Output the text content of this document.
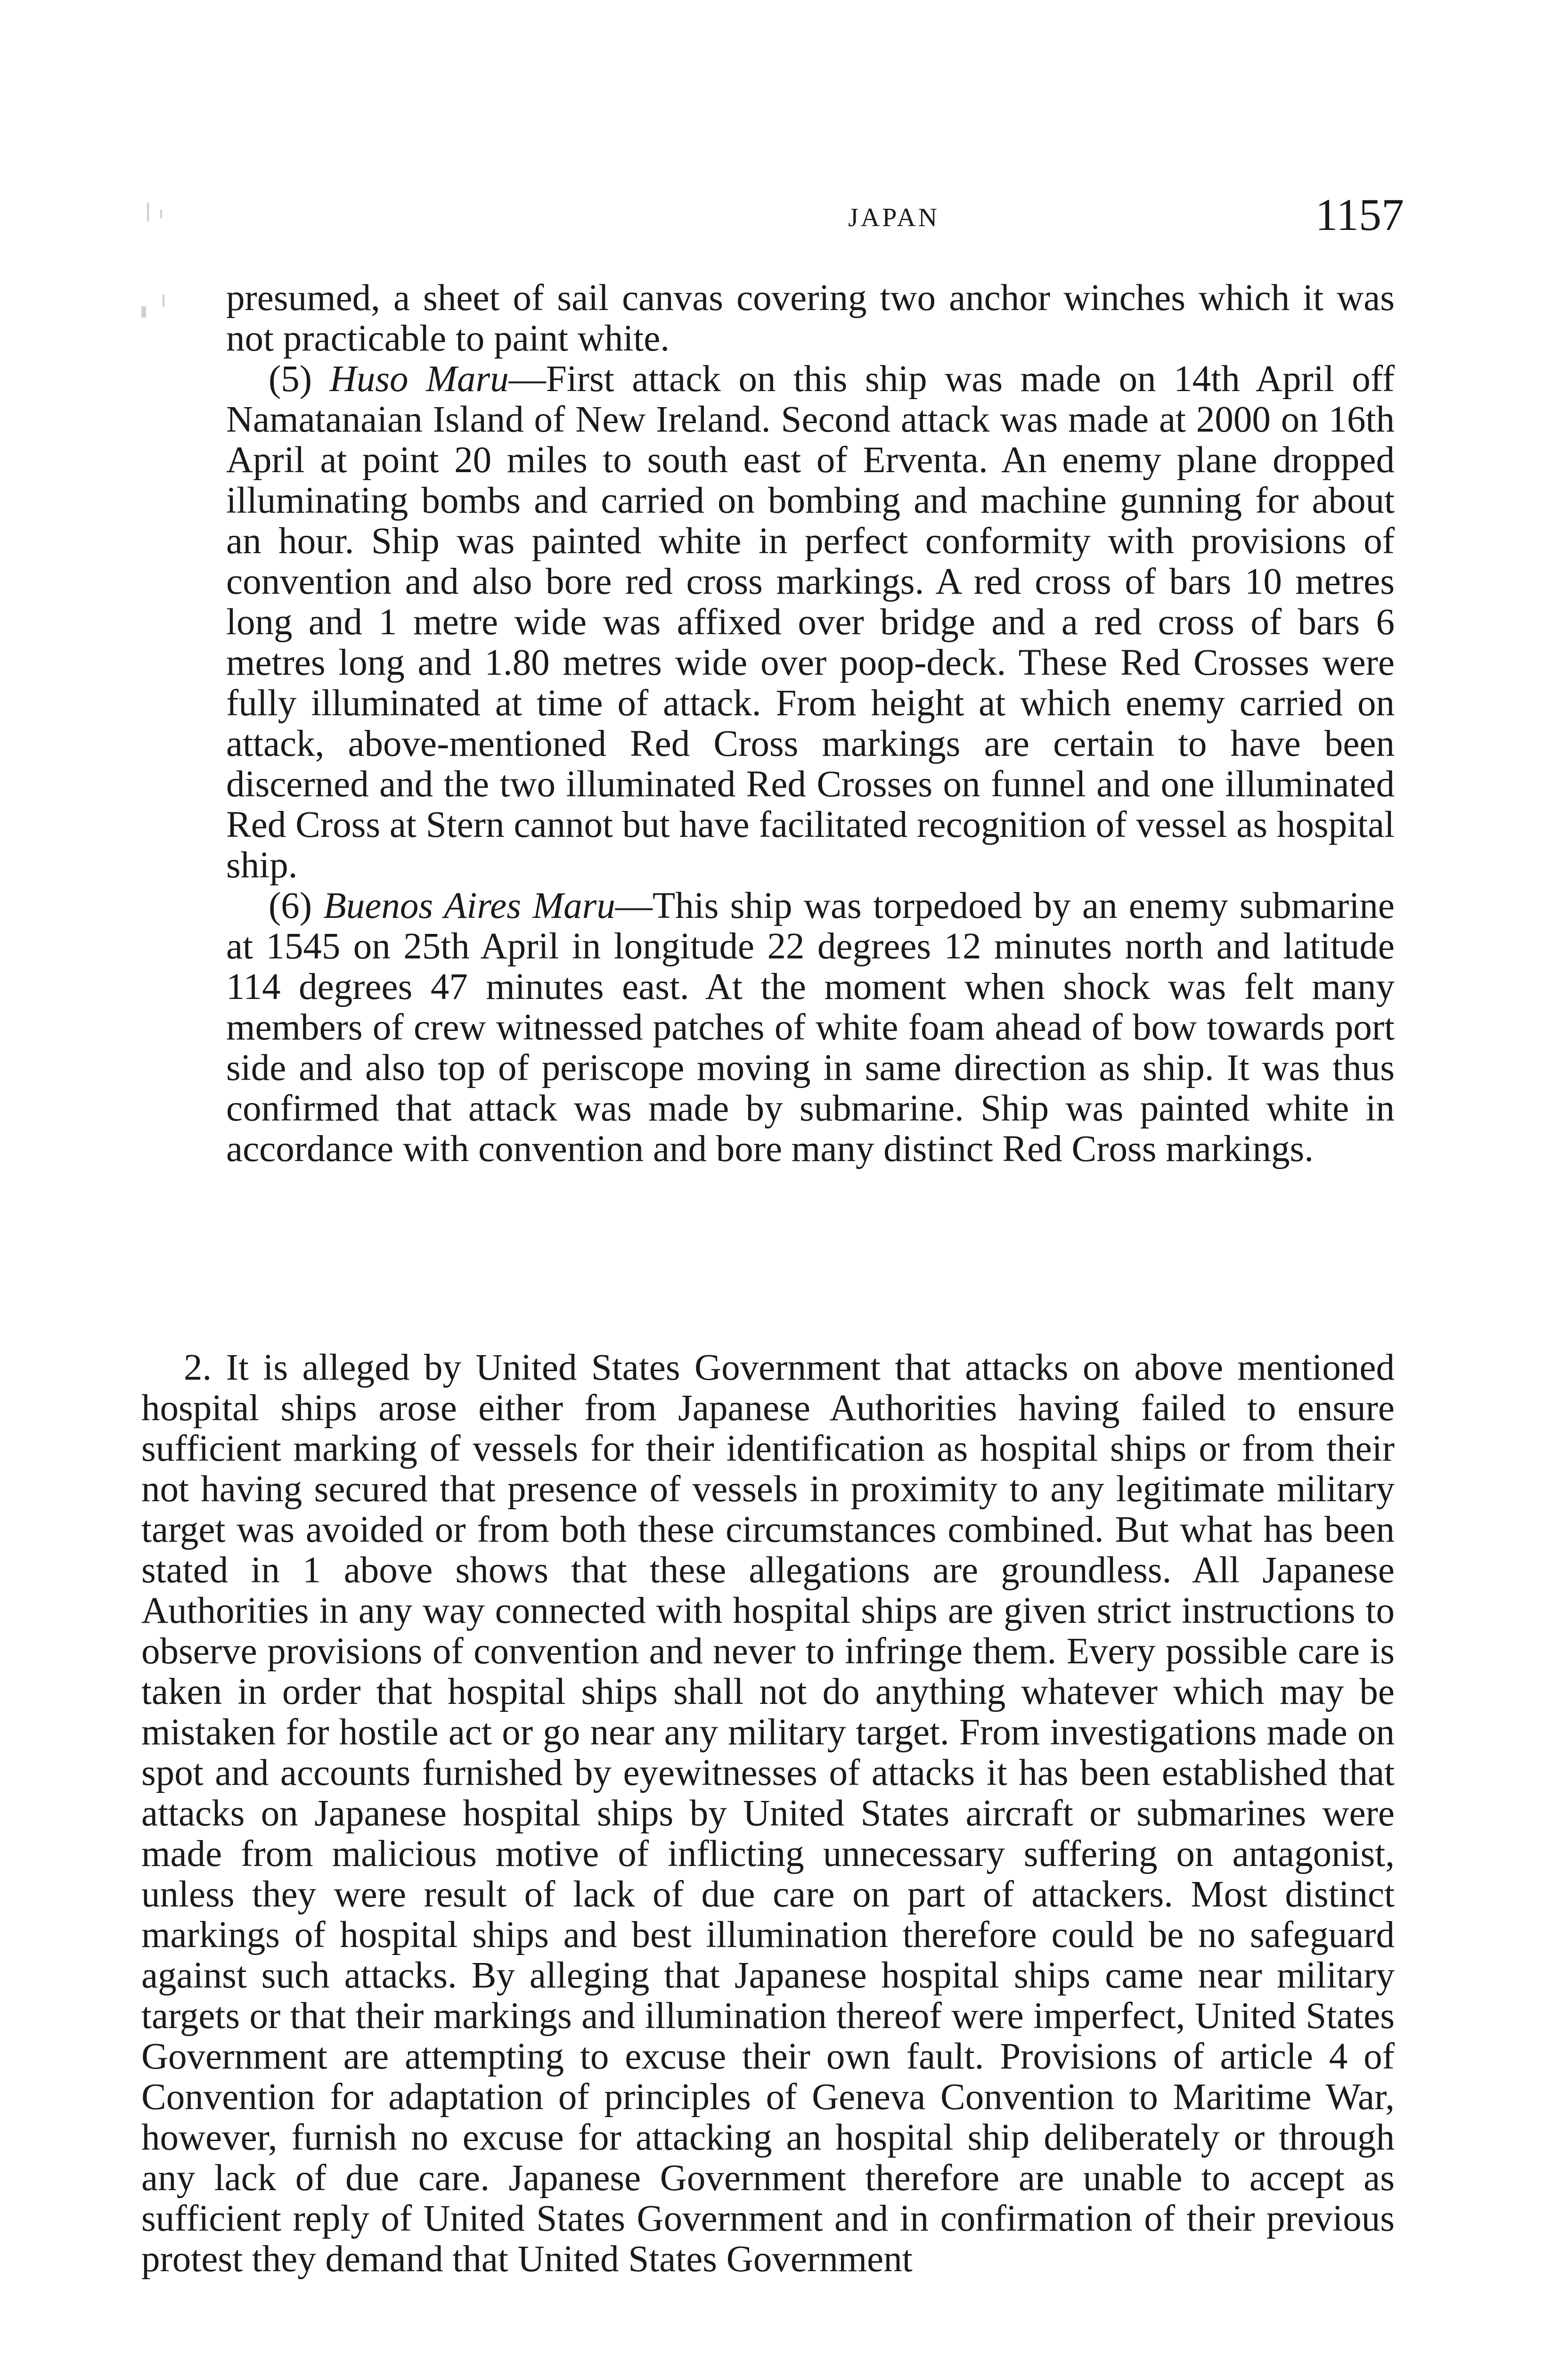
JAPAN	1157

presumed, a sheet of sail canvas covering two anchor winches which it was not practicable to paint white.

(5) Huso Maru—First attack on this ship was made on 14th April off Namatanaian Island of New Ireland. Second attack was made at 2000 on 16th April at point 20 miles to south east of Erventa. An enemy plane dropped illuminating bombs and carried on bombing and machine gunning for about an hour. Ship was painted white in perfect conformity with provisions of convention and also bore red cross markings. A red cross of bars 10 metres long and 1 metre wide was affixed over bridge and a red cross of bars 6 metres long and 1.80 metres wide over poop-deck. These Red Crosses were fully illuminated at time of attack. From height at which enemy carried on attack, above-mentioned Red Cross markings are certain to have been discerned and the two illuminated Red Crosses on funnel and one illuminated Red Cross at Stern cannot but have facilitated recognition of vessel as hospital ship.

(6) Buenos Aires Maru—This ship was torpedoed by an enemy submarine at 1545 on 25th April in longitude 22 degrees 12 minutes north and latitude 114 degrees 47 minutes east. At the moment when shock was felt many members of crew witnessed patches of white foam ahead of bow towards port side and also top of periscope moving in same direction as ship. It was thus confirmed that attack was made by submarine. Ship was painted white in accordance with convention and bore many distinct Red Cross markings.

2. It is alleged by United States Government that attacks on above mentioned hospital ships arose either from Japanese Authorities having failed to ensure sufficient marking of vessels for their identification as hospital ships or from their not having secured that presence of vessels in proximity to any legitimate military target was avoided or from both these circumstances combined. But what has been stated in 1 above shows that these allegations are groundless. All Japanese Authorities in any way connected with hospital ships are given strict instructions to observe provisions of convention and never to infringe them. Every possible care is taken in order that hospital ships shall not do anything whatever which may be mistaken for hostile act or go near any military target. From investigations made on spot and accounts furnished by eyewitnesses of attacks it has been established that attacks on Japanese hospital ships by United States aircraft or submarines were made from malicious motive of inflicting unnecessary suffering on antagonist, unless they were result of lack of due care on part of attackers. Most distinct markings of hospital ships and best illumination therefore could be no safeguard against such attacks. By alleging that Japanese hospital ships came near military targets or that their markings and illumination thereof were imperfect, United States Government are attempting to excuse their own fault. Provisions of article 4 of Convention for adaptation of principles of Geneva Convention to Maritime War, however, furnish no excuse for attacking an hospital ship deliberately or through any lack of due care. Japanese Government therefore are unable to accept as sufficient reply of United States Government and in confirmation of their previous protest they demand that United States Government
